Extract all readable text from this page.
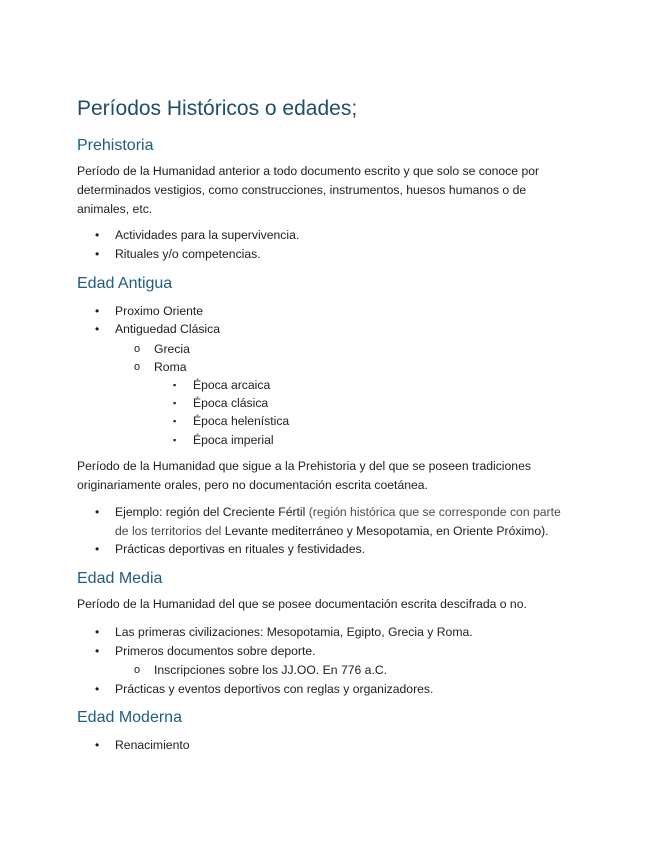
Períodos Históricos o edades;
Prehistoria

Período de la Humanidad anterior a todo documento escrito y que solo se conoce por determinados vestigios, como construcciones, instrumentos, huesos humanos o de animales, etc.

• Actividades para la supervivencia.
• Rituales y/o competencias.
Edad Antigua
• Proximo Oriente
• Antiguedad Clásica
o Grecia
o Roma
▪ Época arcaica
▪ Época clásica
▪ Época helenística
▪ Época imperial

Período de la Humanidad que sigue a la Prehistoria y del que se poseen tradiciones originariamente orales, pero no documentación escrita coetánea.

• Ejemplo: región del Creciente Fértil (región histórica que se corresponde con parte de los territorios del Levante mediterráneo y Mesopotamia, en Oriente Próximo).
• Prácticas deportivas en rituales y festividades.
Edad Media

Período de la Humanidad del que se posee documentación escrita descifrada o no.

• Las primeras civilizaciones: Mesopotamia, Egipto, Grecia y Roma.
• Primeros documentos sobre deporte.
o Inscripciones sobre los JJ.OO. En 776 a.C.
• Prácticas y eventos deportivos con reglas y organizadores.
Edad Moderna
• Renacimiento
